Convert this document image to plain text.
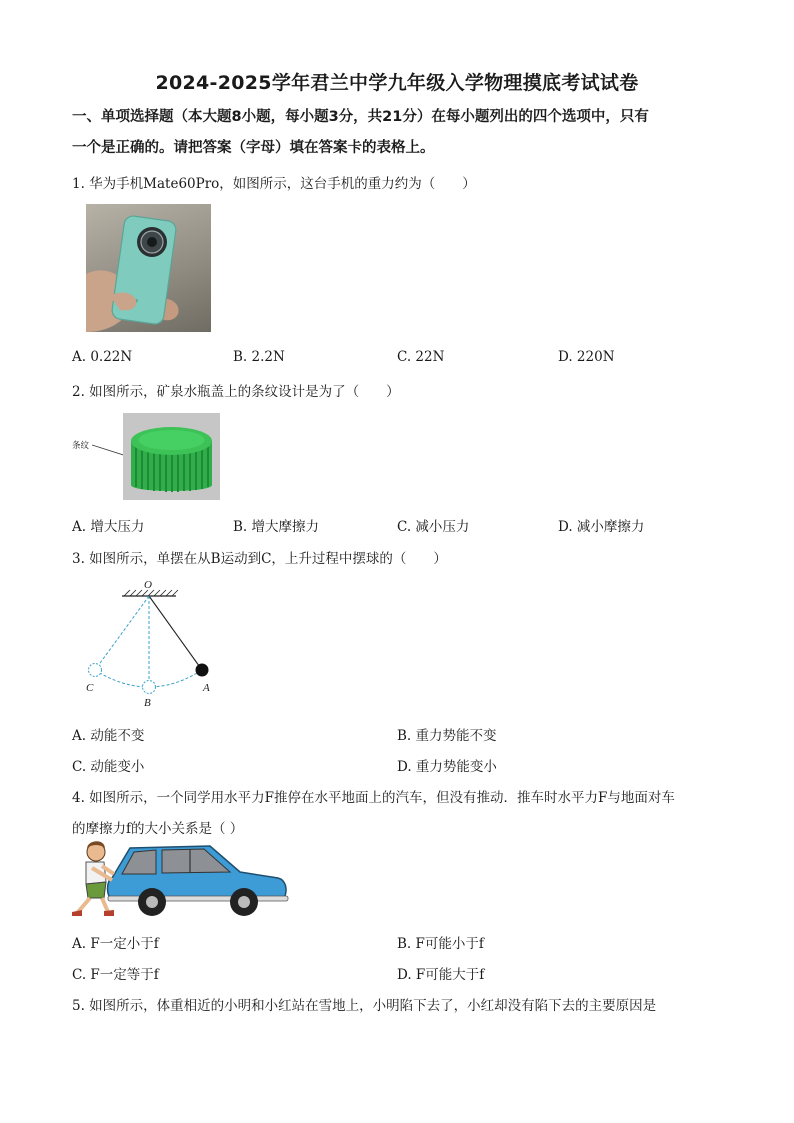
2024-2025学年君兰中学九年级入学物理摸底考试试卷
一、单项选择题（本大题8小题，每小题3分，共21分）在每小题列出的四个选项中，只有
一个是正确的。请把答案（字母）填在答案卡的表格上。
1. 华为手机Mate60Pro，如图所示，这台手机的重力约为（　　）
A. 0.22N	B. 2.2N	C. 22N	D. 220N
2. 如图所示，矿泉水瓶盖上的条纹设计是为了（　　）
条纹
A. 增大压力	B. 增大摩擦力	C. 减小压力	D. 减小摩擦力
3. 如图所示，单摆在从B运动到C，上升过程中摆球的（　　）
O
A
B
C
A. 动能不变	B. 重力势能不变
C. 动能变小	D. 重力势能变小
4. 如图所示，一个同学用水平力F推停在水平地面上的汽车，但没有推动．推车时水平力F与地面对车
的摩擦力f的大小关系是（ ）
A. F一定小于f	B. F可能小于f
C. F一定等于f	D. F可能大于f
5. 如图所示，体重相近的小明和小红站在雪地上，小明陷下去了，小红却没有陷下去的主要原因是
